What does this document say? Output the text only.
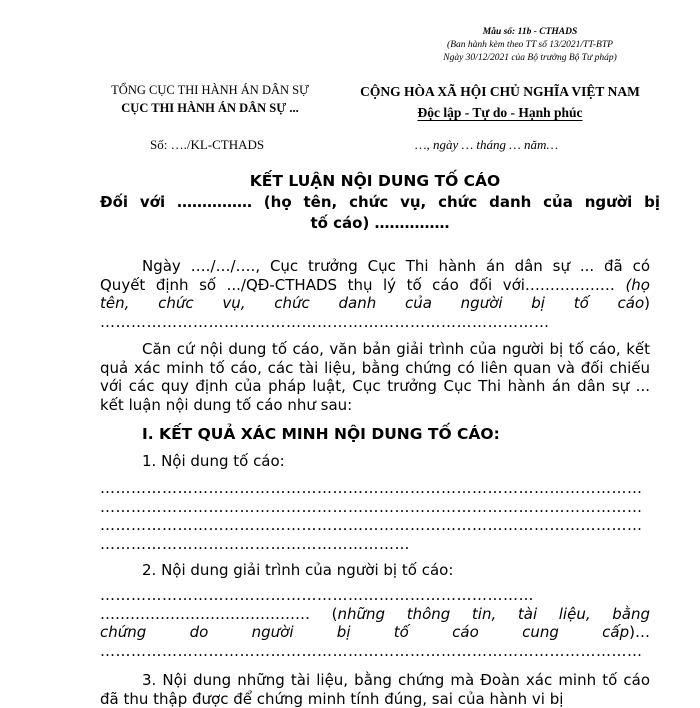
Mẫu số: 11b - CTHADS
(Ban hành kèm theo TT số 13/2021/TT-BTP
Ngày 30/12/2021 của Bộ trưởng Bộ Tư pháp)
TỔNG CỤC THI HÀNH ÁN DÂN SỰ
CỤC THI HÀNH ÁN DÂN SỰ ...
CỘNG HÒA XÃ HỘI CHỦ NGHĨA VIỆT NAM
Độc lập - Tự do - Hạnh phúc
Số: …./KL-CTHADS	…, ngày … tháng … năm…
KẾT LUẬN NỘI DUNG TỐ CÁO
Đối với …………… (họ tên, chức vụ, chức danh của người bị
tố cáo) ……………
Ngày …./…/…., Cục trưởng Cục Thi hành án dân sự ... đã có
Quyết định số .../QĐ-CTHADS thụ lý tố cáo đối với……………… (họ
tên, chức vụ, chức danh của người bị tố cáo)
……………………………………………………………………………
Căn cứ nội dung tố cáo, văn bản giải trình của người bị tố cáo, kết quả xác minh tố cáo, các tài liệu, bằng chứng có liên quan và đối chiếu với các quy định của pháp luật, Cục trưởng Cục Thi hành án dân sự ... kết luận nội dung tố cáo như sau:
I. KẾT QUẢ XÁC MINH NỘI DUNG TỐ CÁO:
1. Nội dung tố cáo:
……………………………………………………………………………………………
……………………………………………………………………………………………
……………………………………………………………………………………………
……………………………………………………
2. Nội dung giải trình của người bị tố cáo:
…………………………………………………………………………
…………………………………… (những thông tin, tài liệu, bằng
chứng do người bị tố cáo cung cấp)…
……………………………………………………………………………………………
3. Nội dung những tài liệu, bằng chứng mà Đoàn xác minh tố cáo đã thu thập được để chứng minh tính đúng, sai của hành vi bị
